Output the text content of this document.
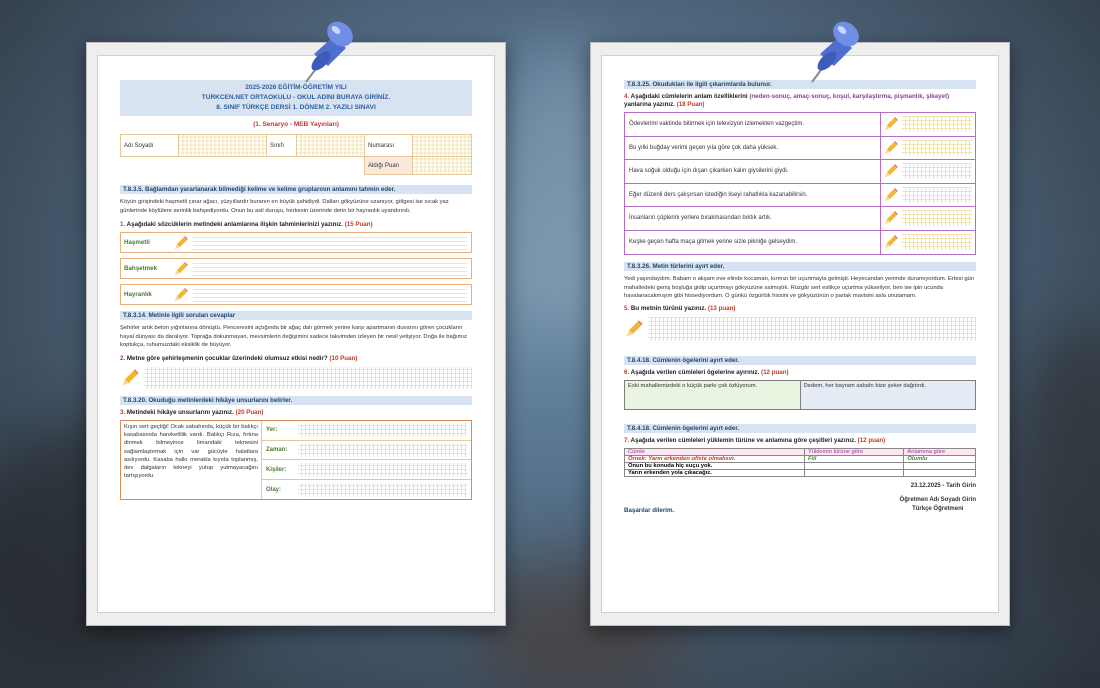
2025-2026 EĞİTİM-ÖĞRETİM YILI
TURKCEN.NET ORTAOKULU - OKUL ADINI BURAYA GİRİNİZ.
8. SINIF TÜRKÇE DERSİ 1. DÖNEM 2. YAZILI SINAVI
(1. Senaryo - MEB Yayınları)
Adı Soyadı		Sınıfı		Numarası	
				Aldığı Puan	
T.8.3.5. Bağlamdan yararlanarak bilmediği kelime ve kelime gruplarının anlamını tahmin eder.
Köyün girişindeki haşmetli çınar ağacı, yüzyıllardır buranın en büyük şahidiydi. Dalları gökyüzüne uzanıyor, gölgesi ise sıcak yaz günlerinde köylülere serinlik bahşediyordu. Onun bu asil duruşu, herkesin üzerinde derin bir hayranlık uyandırırdı.
1. Aşağıdaki sözcüklerin metindeki anlamlarına ilişkin tahminlerinizi yazınız. (15 Puan)
Haşmetli
Bahşetmek
Hayranlık
T.8.3.14. Metinle ilgili soruları cevaplar
Şehirler artık beton yığınlarına dönüştü. Penceresini açtığında bir ağaç dalı görmek yerine karşı apartmanın duvarını gören çocukların hayal dünyası da daralıyor. Toprağa dokunmayan, mevsimlerin değişimini sadece takvimden izleyen bir nesil yetişiyor. Doğa ile bağımız koptukça, ruhumuzdaki eksiklik de büyüyor.
2. Metne göre şehirleşmenin çocuklar üzerindeki olumsuz etkisi nedir? (10 Puan)
T.8.3.20. Okuduğu metinlerdeki hikâye unsurlarını belirler.
3. Metindeki hikâye unsurlarını yazınız. (20 Puan)
Kışın sert geçtiği! Ocak sabahında, küçük bir balıkçı kasabasında hareketlilik vardı. Balıkçı Rıza, fırtına dinmek bilmeyince limandaki teknesini sağlamlaştırmak için var gücüyle halatlara asılıyordu. Kasaba halkı merakla kıyıda toplanmış, dev dalgaların tekneyi yutup yutmayacağını tartışıyordu.
Yer:
Zaman:
Kişiler:
Olay:
T.8.3.25. Okudukları ile ilgili çıkarımlarda bulunur.
4. Aşağıdaki cümlelerin anlam özelliklerini (neden-sonuç, amaç-sonuç, koşul, karşılaştırma, pişmanlık, şikayet) yanlarına yazınız. (18 Puan)
Ödevlerimi vaktinde bitirmek için televizyon izlemekten vazgeçtim.
Bu yılki buğday verimi geçen yıla göre çok daha yüksek.
Hava soğuk olduğu için dışarı çıkarken kalın giysilerini giydi.
Eğer düzenli ders çalışırsan istediğin liseyi rahatlıkla kazanabilirsin.
İnsanların çöplerini yerlere bırakmasından bıktık artık.
Keşke geçen hafta maça gitmek yerine sizle pikniğe gelseydim.
T.8.3.26. Metin türlerini ayırt eder.
Yedi yaşındaydım. Babam o akşam eve elinde kocaman, kırmızı bir uçurtmayla gelmişti. Heyecandan yerimde duramıyordum. Ertesi gün mahalledeki geniş boşluğa gidip uçurtmayı gökyüzüne salmıştık. Rüzgâr sert estikçe uçurtma yükseliyor, ben ise ipin ucunda havalanacakmışım gibi hissediyordum. O günkü özgürlük hissini ve gökyüzünün o parlak mavisini asla unutamam.
5. Bu metnin türünü yazınız. (13 puan)
T.8.4.18. Cümlenin ögelerini ayırt eder.
6. Aşağıda verilen cümleleri ögelerine ayırınız. (12 puan)
Eski mahallemizdeki o küçük parkı çok özlüyorum.	Dedem, her bayram sabahı bize şeker dağıtırdı.
T.8.4.18. Cümlenin ögelerini ayırt eder.
7. Aşağıda verilen cümleleri yüklemin türüne ve anlamına göre çeşitleri yazınız. (12 puan)
Cümle	Yüklemin türüne göre	Anlamına göre
Örnek: Yarın erkenden ofiste olmalısın.	Fiil	Olumlu
Onun bu konuda hiç suçu yok.		
Yarın erkenden yola çıkacağız.		
23.12.2025 - Tarih Girin
Başarılar dilerim.
Öğretmen Adı Soyadı Girin
Türkçe Öğretmeni
